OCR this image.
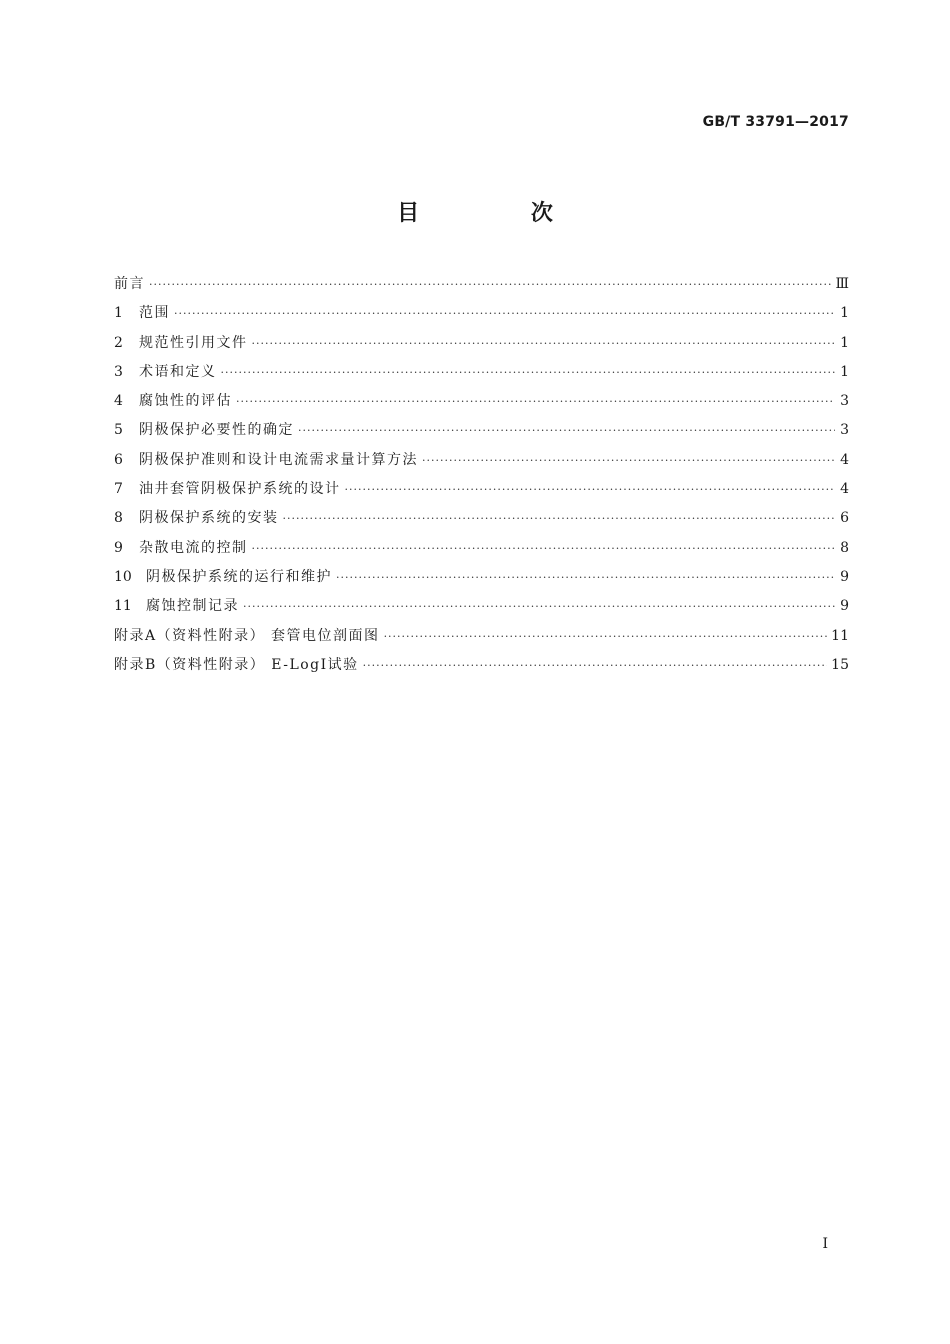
GB/T 33791—2017
目 次
前言 ·····	Ⅲ
1	范围 ·····	1
2	规范性引用文件 ·····	1
3	术语和定义 ·····	1
4	腐蚀性的评估 ·····	3
5	阴极保护必要性的确定 ·····	3
6	阴极保护准则和设计电流需求量计算方法 ·····	4
7	油井套管阴极保护系统的设计 ·····	4
8	阴极保护系统的安装 ·····	6
9	杂散电流的控制 ·····	8
10	阴极保护系统的运行和维护 ·····	9
11	腐蚀控制记录 ·····	9
附录A（资料性附录） 套管电位剖面图 ·····	11
附录B（资料性附录） E-LogI试验 ·····	15
I
